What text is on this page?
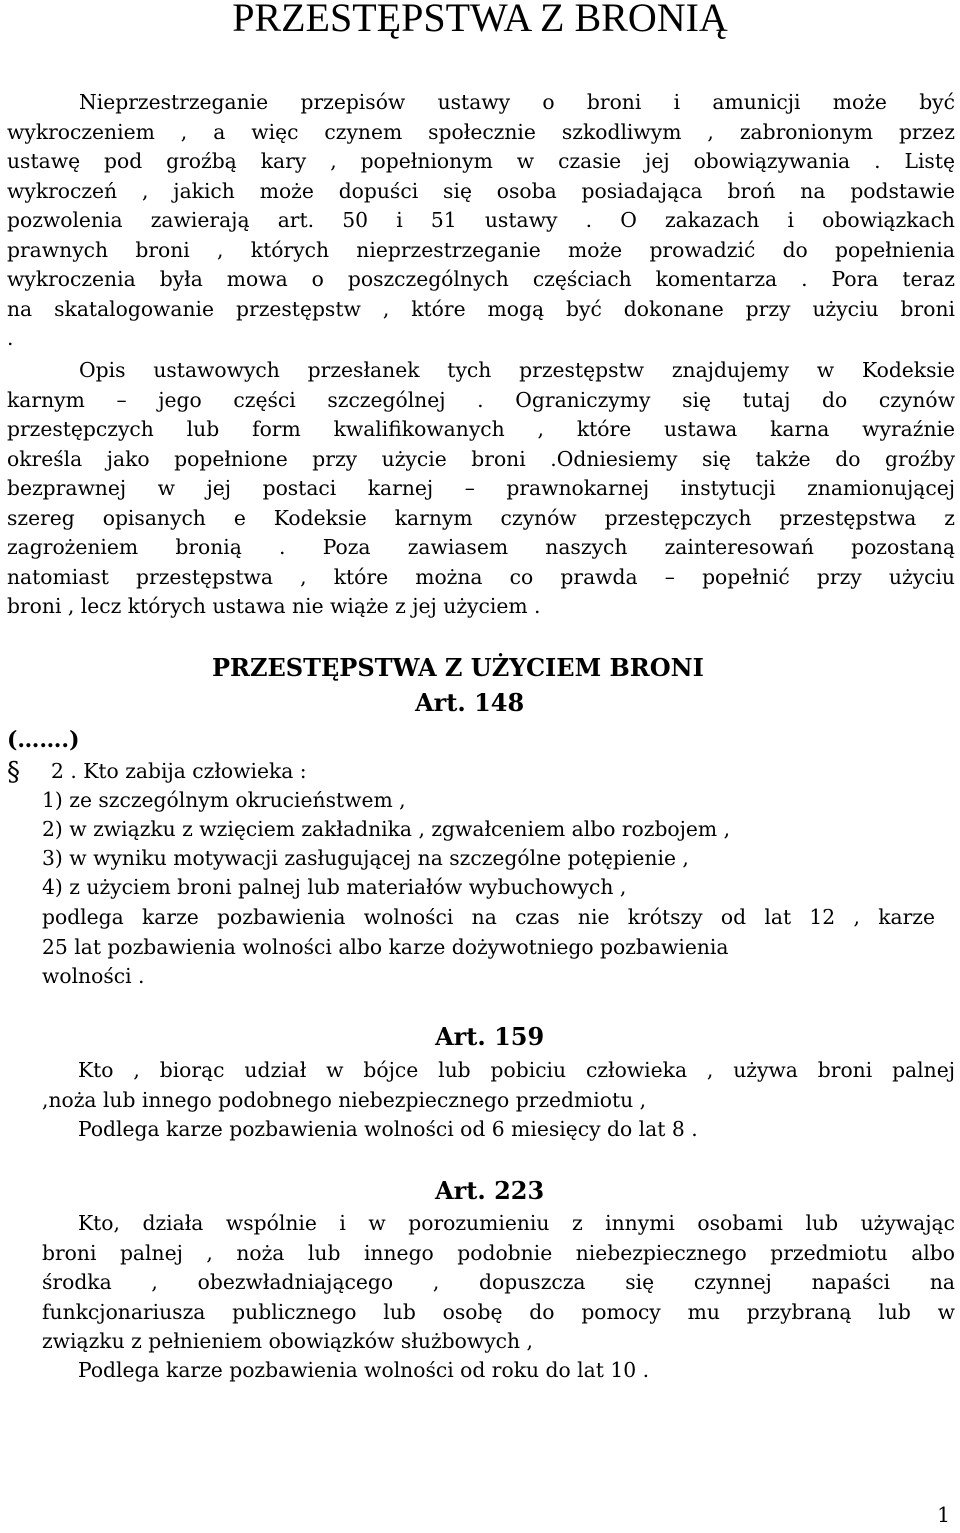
PRZESTĘPSTWA Z BRONIĄ
Nieprzestrzeganie przepisów ustawy o broni i amunicji może być
wykroczeniem , a więc czynem społecznie szkodliwym , zabronionym przez
ustawę pod groźbą kary , popełnionym w czasie jej obowiązywania . Listę
wykroczeń , jakich może dopuści się osoba posiadająca broń na podstawie
pozwolenia zawierają art. 50 i 51 ustawy . O zakazach i obowiązkach
prawnych broni , których nieprzestrzeganie może prowadzić do popełnienia
wykroczenia była mowa o poszczególnych częściach komentarza . Pora teraz
na skatalogowanie przestępstw , które mogą być dokonane przy użyciu broni
.
Opis ustawowych przesłanek tych przestępstw znajdujemy w Kodeksie
karnym – jego części szczególnej . Ograniczymy się tutaj do czynów
przestępczych lub form kwalifikowanych , które ustawa karna wyraźnie
określa jako popełnione przy użycie broni .Odniesiemy się także do groźby
bezprawnej w jej postaci karnej – prawnokarnej instytucji znamionującej
szereg opisanych e Kodeksie karnym czynów przestępczych przestępstwa z
zagrożeniem bronią . Poza zawiasem naszych zainteresowań pozostaną
natomiast przestępstwa , które można co prawda – popełnić przy użyciu
broni , lecz których ustawa nie wiąże z jej użyciem .
PRZESTĘPSTWA Z UŻYCIEM BRONI
Art. 148
(…….)
§ 2 . Kto zabija człowieka :
1) ze szczególnym okrucieństwem ,
2) w związku z wzięciem zakładnika , zgwałceniem albo rozbojem ,
3) w wyniku motywacji zasługującej na szczególne potępienie ,
4) z użyciem broni palnej lub materiałów wybuchowych ,
podlega karze pozbawienia wolności na czas nie krótszy od lat 12 , karze
25 lat pozbawienia wolności albo karze dożywotniego pozbawienia
wolności .
Art. 159
Kto , biorąc udział w bójce lub pobiciu człowieka , używa broni palnej
,noża lub innego podobnego niebezpiecznego przedmiotu ,
Podlega karze pozbawienia wolności od 6 miesięcy do lat 8 .
Art. 223
Kto, działa wspólnie i w porozumieniu z innymi osobami lub używając
broni palnej , noża lub innego podobnie niebezpiecznego przedmiotu albo
środka , obezwładniającego , dopuszcza się czynnej napaści na
funkcjonariusza publicznego lub osobę do pomocy mu przybraną lub w
związku z pełnieniem obowiązków służbowych ,
Podlega karze pozbawienia wolności od roku do lat 10 .
1
